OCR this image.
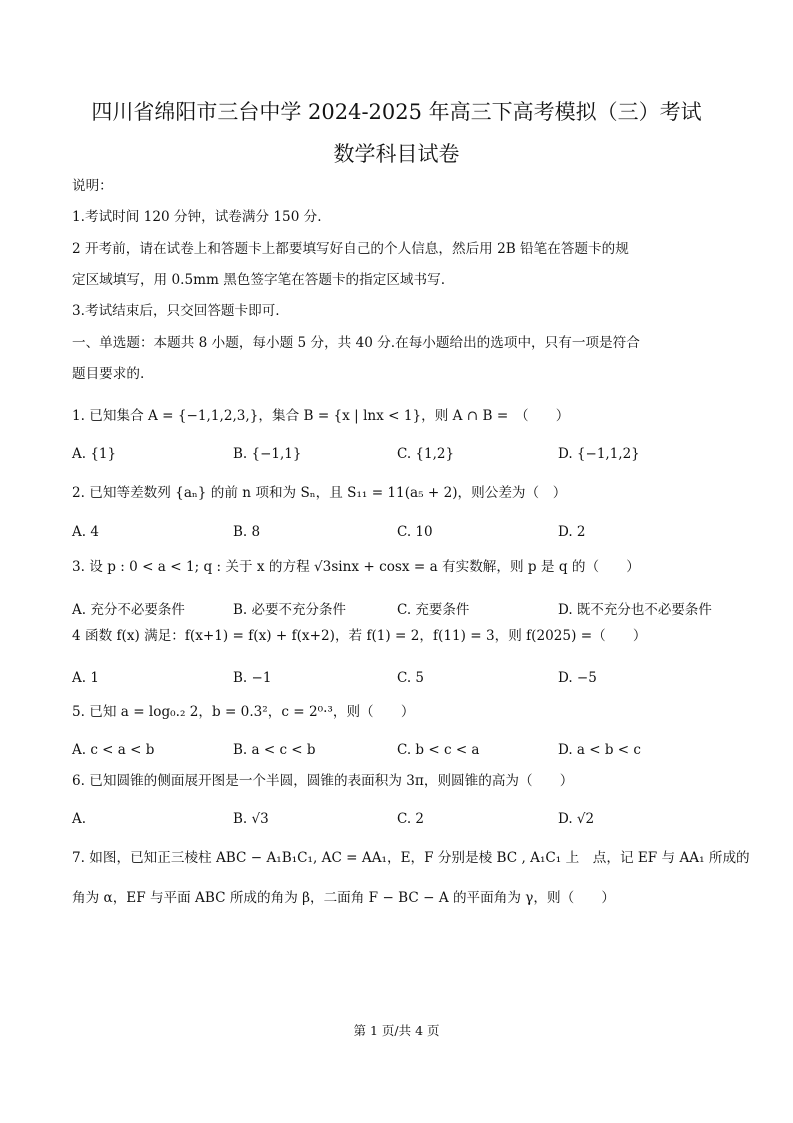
四川省绵阳市三台中学 2024-2025 年高三下高考模拟（三）考试
数学科目试卷
说明：
1.考试时间 120 分钟，试卷满分 150 分.
2 开考前，请在试卷上和答题卡上都要填写好自己的个人信息，然后用 2B 铅笔在答题卡的规
定区域填写，用 0.5mm 黑色签字笔在答题卡的指定区域书写.
3.考试结束后，只交回答题卡即可.
一、单选题：本题共 8 小题，每小题 5 分，共 40 分.在每小题给出的选项中，只有一项是符合
题目要求的.
1. 已知集合 A = {−1,1,2,3,}，集合 B = {x | lnx < 1}，则 A ∩ B =　（　　）
A. {1}	B. {−1,1}	C. {1,2}	D. {−1,1,2}
2. 已知等差数列 {aₙ} 的前 n 项和为 Sₙ，且 S₁₁ = 11(a₅ + 2)，则公差为（　）
A. 4	B. 8	C. 10	D. 2
3. 设 p : 0 < a < 1; q : 关于 x 的方程 √3sinx + cosx = a 有实数解，则 p 是 q 的（　　）
A. 充分不必要条件	B. 必要不充分条件	C. 充要条件	D. 既不充分也不必要条件
4 函数 f(x) 满足：f(x+1) = f(x) + f(x+2)，若 f(1) = 2，f(11) = 3，则 f(2025) =（　　）
A. 1	B. −1	C. 5	D. −5
5. 已知 a = log₀.₂ 2，b = 0.3²，c = 2⁰·³，则（　　）
A. c < a < b	B. a < c < b	C. b < c < a	D. a < b < c
6. 已知圆锥的侧面展开图是一个半圆，圆锥的表面积为 3π，则圆锥的高为（　　）
A.	B. √3	C. 2	D. √2
7. 如图，已知正三棱柱 ABC − A₁B₁C₁, AC = AA₁，E，F 分别是棱 BC , A₁C₁ 上　点，记 EF 与 AA₁ 所成的
角为 α，EF 与平面 ABC 所成的角为 β，二面角 F − BC − A 的平面角为 γ，则（　　）
第 1 页/共 4 页
